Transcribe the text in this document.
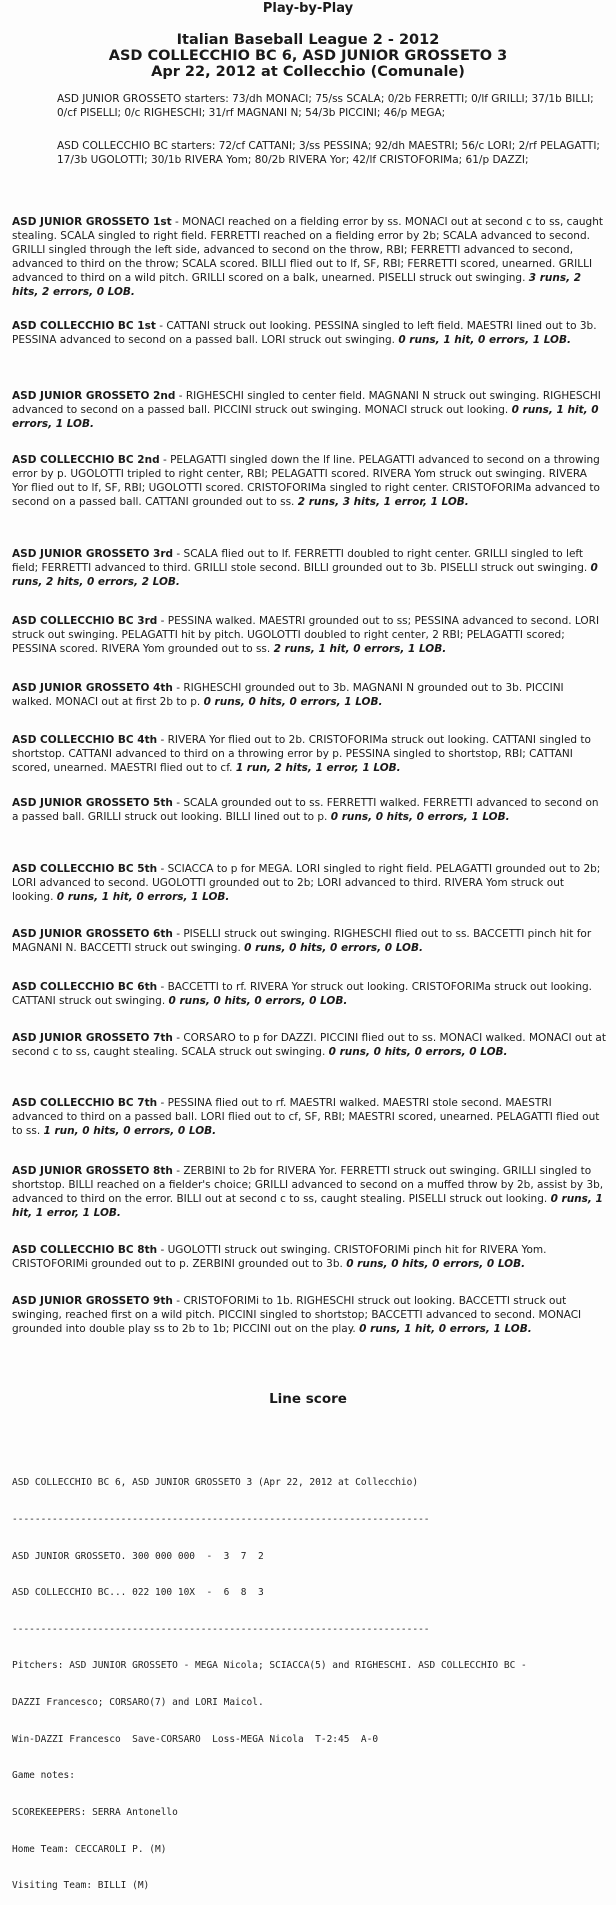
Play-by-Play
Italian Baseball League 2 - 2012
ASD COLLECCHIO BC 6, ASD JUNIOR GROSSETO 3
Apr 22, 2012 at Collecchio (Comunale)
ASD JUNIOR GROSSETO starters: 73/dh MONACI; 75/ss SCALA; 0/2b FERRETTI; 0/lf GRILLI; 37/1b BILLI; 0/cf PISELLI; 0/c RIGHESCHI; 31/rf MAGNANI N; 54/3b PICCINI; 46/p MEGA;
ASD COLLECCHIO BC starters: 72/cf CATTANI; 3/ss PESSINA; 92/dh MAESTRI; 56/c LORI; 2/rf PELAGATTI; 17/3b UGOLOTTI; 30/1b RIVERA Yom; 80/2b RIVERA Yor; 42/lf CRISTOFORIMa; 61/p DAZZI;
ASD JUNIOR GROSSETO 1st - MONACI reached on a fielding error by ss. MONACI out at second c to ss, caught stealing. SCALA singled to right field. FERRETTI reached on a fielding error by 2b; SCALA advanced to second. GRILLI singled through the left side, advanced to second on the throw, RBI; FERRETTI advanced to second, advanced to third on the throw; SCALA scored. BILLI flied out to lf, SF, RBI; FERRETTI scored, unearned. GRILLI advanced to third on a wild pitch. GRILLI scored on a balk, unearned. PISELLI struck out swinging. 3 runs, 2 hits, 2 errors, 0 LOB.
ASD COLLECCHIO BC 1st - CATTANI struck out looking. PESSINA singled to left field. MAESTRI lined out to 3b. PESSINA advanced to second on a passed ball. LORI struck out swinging. 0 runs, 1 hit, 0 errors, 1 LOB.
ASD JUNIOR GROSSETO 2nd - RIGHESCHI singled to center field. MAGNANI N struck out swinging. RIGHESCHI advanced to second on a passed ball. PICCINI struck out swinging. MONACI struck out looking. 0 runs, 1 hit, 0 errors, 1 LOB.
ASD COLLECCHIO BC 2nd - PELAGATTI singled down the lf line. PELAGATTI advanced to second on a throwing error by p. UGOLOTTI tripled to right center, RBI; PELAGATTI scored. RIVERA Yom struck out swinging. RIVERA Yor flied out to lf, SF, RBI; UGOLOTTI scored. CRISTOFORIMa singled to right center. CRISTOFORIMa advanced to second on a passed ball. CATTANI grounded out to ss. 2 runs, 3 hits, 1 error, 1 LOB.
ASD JUNIOR GROSSETO 3rd - SCALA flied out to lf. FERRETTI doubled to right center. GRILLI singled to left field; FERRETTI advanced to third. GRILLI stole second. BILLI grounded out to 3b. PISELLI struck out swinging. 0 runs, 2 hits, 0 errors, 2 LOB.
ASD COLLECCHIO BC 3rd - PESSINA walked. MAESTRI grounded out to ss; PESSINA advanced to second. LORI struck out swinging. PELAGATTI hit by pitch. UGOLOTTI doubled to right center, 2 RBI; PELAGATTI scored; PESSINA scored. RIVERA Yom grounded out to ss. 2 runs, 1 hit, 0 errors, 1 LOB.
ASD JUNIOR GROSSETO 4th - RIGHESCHI grounded out to 3b. MAGNANI N grounded out to 3b. PICCINI walked. MONACI out at first 2b to p. 0 runs, 0 hits, 0 errors, 1 LOB.
ASD COLLECCHIO BC 4th - RIVERA Yor flied out to 2b. CRISTOFORIMa struck out looking. CATTANI singled to shortstop. CATTANI advanced to third on a throwing error by p. PESSINA singled to shortstop, RBI; CATTANI scored, unearned. MAESTRI flied out to cf. 1 run, 2 hits, 1 error, 1 LOB.
ASD JUNIOR GROSSETO 5th - SCALA grounded out to ss. FERRETTI walked. FERRETTI advanced to second on a passed ball. GRILLI struck out looking. BILLI lined out to p. 0 runs, 0 hits, 0 errors, 1 LOB.
ASD COLLECCHIO BC 5th - SCIACCA to p for MEGA. LORI singled to right field. PELAGATTI grounded out to 2b; LORI advanced to second. UGOLOTTI grounded out to 2b; LORI advanced to third. RIVERA Yom struck out looking. 0 runs, 1 hit, 0 errors, 1 LOB.
ASD JUNIOR GROSSETO 6th - PISELLI struck out swinging. RIGHESCHI flied out to ss. BACCETTI pinch hit for MAGNANI N. BACCETTI struck out swinging. 0 runs, 0 hits, 0 errors, 0 LOB.
ASD COLLECCHIO BC 6th - BACCETTI to rf. RIVERA Yor struck out looking. CRISTOFORIMa struck out looking. CATTANI struck out swinging. 0 runs, 0 hits, 0 errors, 0 LOB.
ASD JUNIOR GROSSETO 7th - CORSARO to p for DAZZI. PICCINI flied out to ss. MONACI walked. MONACI out at second c to ss, caught stealing. SCALA struck out swinging. 0 runs, 0 hits, 0 errors, 0 LOB.
ASD COLLECCHIO BC 7th - PESSINA flied out to rf. MAESTRI walked. MAESTRI stole second. MAESTRI advanced to third on a passed ball. LORI flied out to cf, SF, RBI; MAESTRI scored, unearned. PELAGATTI flied out to ss. 1 run, 0 hits, 0 errors, 0 LOB.
ASD JUNIOR GROSSETO 8th - ZERBINI to 2b for RIVERA Yor. FERRETTI struck out swinging. GRILLI singled to shortstop. BILLI reached on a fielder's choice; GRILLI advanced to second on a muffed throw by 2b, assist by 3b, advanced to third on the error. BILLI out at second c to ss, caught stealing. PISELLI struck out looking. 0 runs, 1 hit, 1 error, 1 LOB.
ASD COLLECCHIO BC 8th - UGOLOTTI struck out swinging. CRISTOFORIMi pinch hit for RIVERA Yom. CRISTOFORIMi grounded out to p. ZERBINI grounded out to 3b. 0 runs, 0 hits, 0 errors, 0 LOB.
ASD JUNIOR GROSSETO 9th - CRISTOFORIMi to 1b. RIGHESCHI struck out looking. BACCETTI struck out swinging, reached first on a wild pitch. PICCINI singled to shortstop; BACCETTI advanced to second. MONACI grounded into double play ss to 2b to 1b; PICCINI out on the play. 0 runs, 1 hit, 0 errors, 1 LOB.
Line score

ASD COLLECCHIO BC 6, ASD JUNIOR GROSSETO 3 (Apr 22, 2012 at Collecchio)

-------------------------------------------------------------------------

ASD JUNIOR GROSSETO. 300 000 000  -  3  7  2

ASD COLLECCHIO BC... 022 100 10X  -  6  8  3

-------------------------------------------------------------------------

Pitchers: ASD JUNIOR GROSSETO - MEGA Nicola; SCIACCA(5) and RIGHESCHI. ASD COLLECCHIO BC -

DAZZI Francesco; CORSARO(7) and LORI Maicol.

Win-DAZZI Francesco  Save-CORSARO  Loss-MEGA Nicola  T-2:45  A-0

Game notes:

SCOREKEEPERS: SERRA Antonello

Home Team: CECCAROLI P. (M)

Visiting Team: BILLI (M)
